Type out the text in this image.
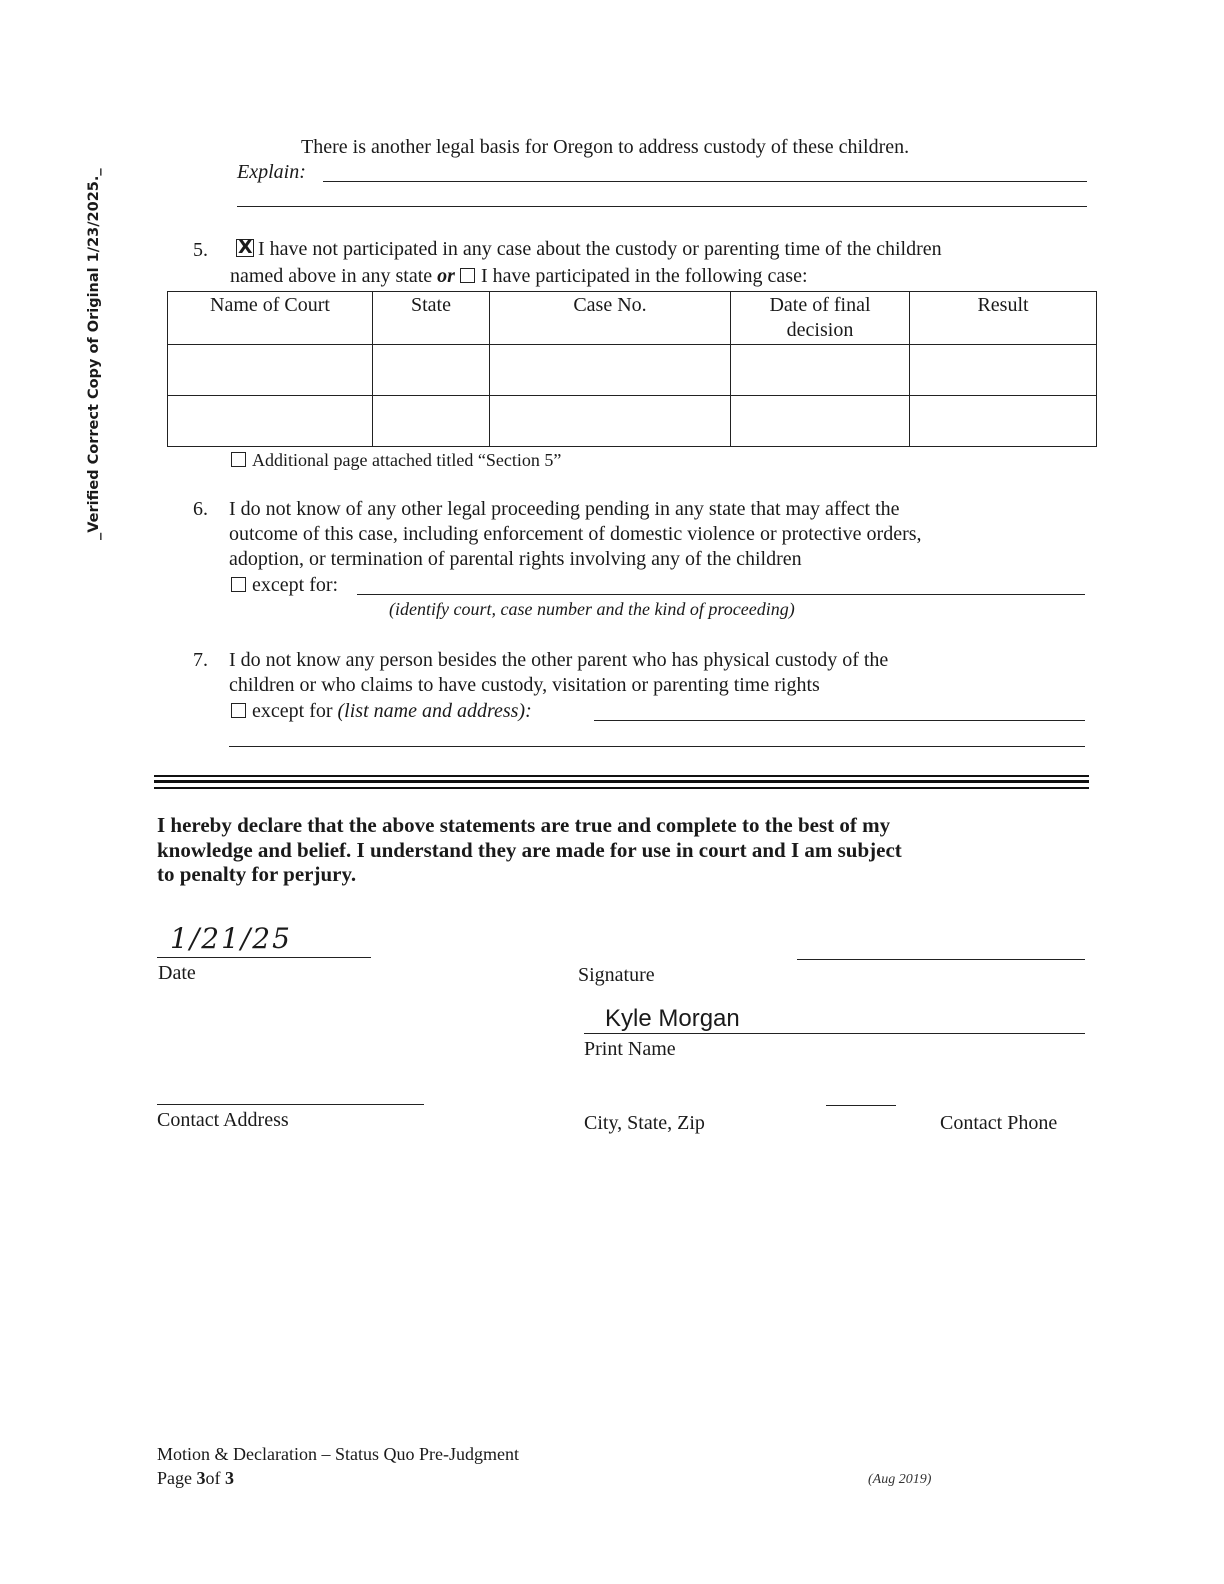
_Verified Correct Copy of Original 1/23/2025._
There is another legal basis for Oregon to address custody of these children.
Explain:
5. X	I have not participated in any case about the custody or parenting time of the children
named above in any state or I have participated in the following case:
Name of Court	State	Case No.	Date of final decision	Result

Additional page attached titled “Section 5”
6. I do not know of any other legal proceeding pending in any state that may affect the
outcome of this case, including enforcement of domestic violence or protective orders,
adoption, or termination of parental rights involving any of the children
except for:
(identify court, case number and the kind of proceeding)
7. I do not know any person besides the other parent who has physical custody of the
children or who claims to have custody, visitation or parenting time rights
except for (list name and address):
I hereby declare that the above statements are true and complete to the best of my
knowledge and belief. I understand they are made for use in court and I am subject
to penalty for perjury.
1/21/25
Date	Signature
Kyle Morgan
Print Name
Contact Address	City, State, Zip	Contact Phone
Motion & Declaration – Status Quo Pre-Judgment
Page 3of 3	(Aug 2019)
